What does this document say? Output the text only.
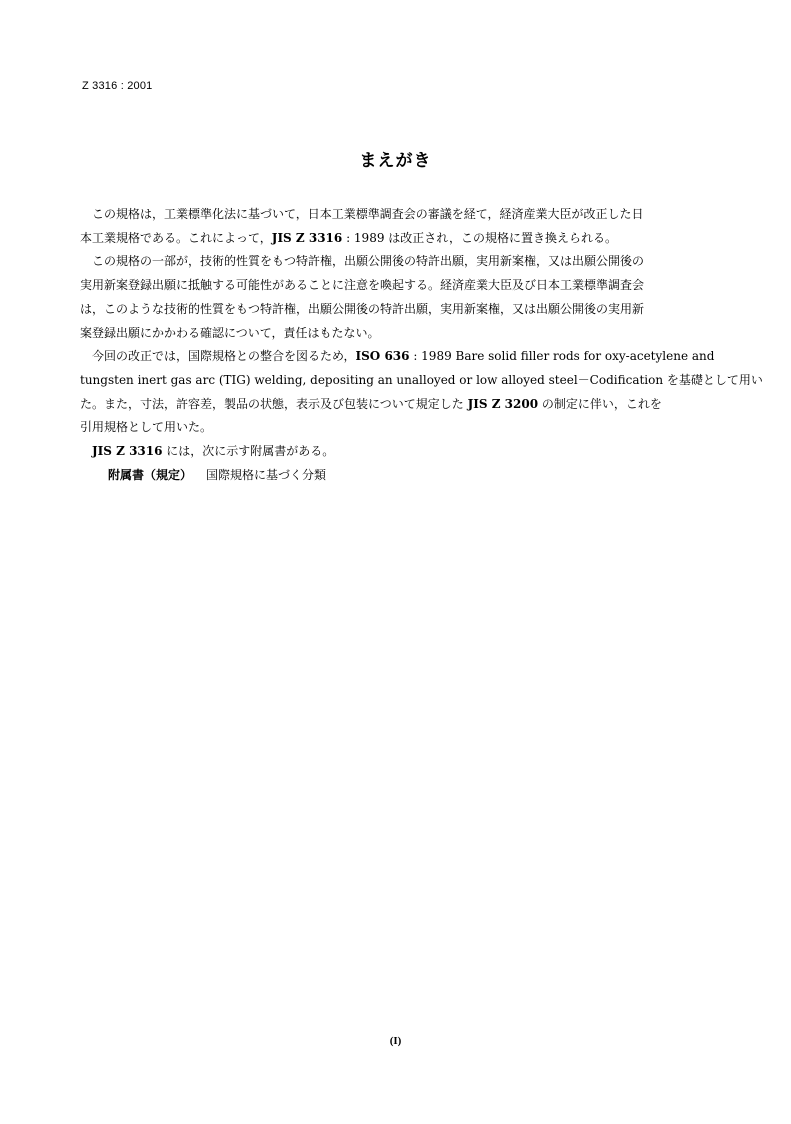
Z 3316 : 2001
まえがき
この規格は，工業標準化法に基づいて，日本工業標準調査会の審議を経て，経済産業大臣が改正した日
本工業規格である。これによって，JIS Z 3316 : 1989 は改正され，この規格に置き換えられる。
この規格の一部が，技術的性質をもつ特許権，出願公開後の特許出願，実用新案権，又は出願公開後の
実用新案登録出願に抵触する可能性があることに注意を喚起する。経済産業大臣及び日本工業標準調査会
は，このような技術的性質をもつ特許権，出願公開後の特許出願，実用新案権，又は出願公開後の実用新
案登録出願にかかわる確認について，責任はもたない。
今回の改正では，国際規格との整合を図るため，ISO 636 : 1989 Bare solid filler rods for oxy-acetylene and
tungsten inert gas arc (TIG) welding, depositing an unalloyed or low alloyed steel－Codification を基礎として用い
た。また，寸法，許容差，製品の状態，表示及び包装について規定した JIS Z 3200 の制定に伴い，これを
引用規格として用いた。
JIS Z 3316 には，次に示す附属書がある。
附属書（規定） 国際規格に基づく分類
(I)
